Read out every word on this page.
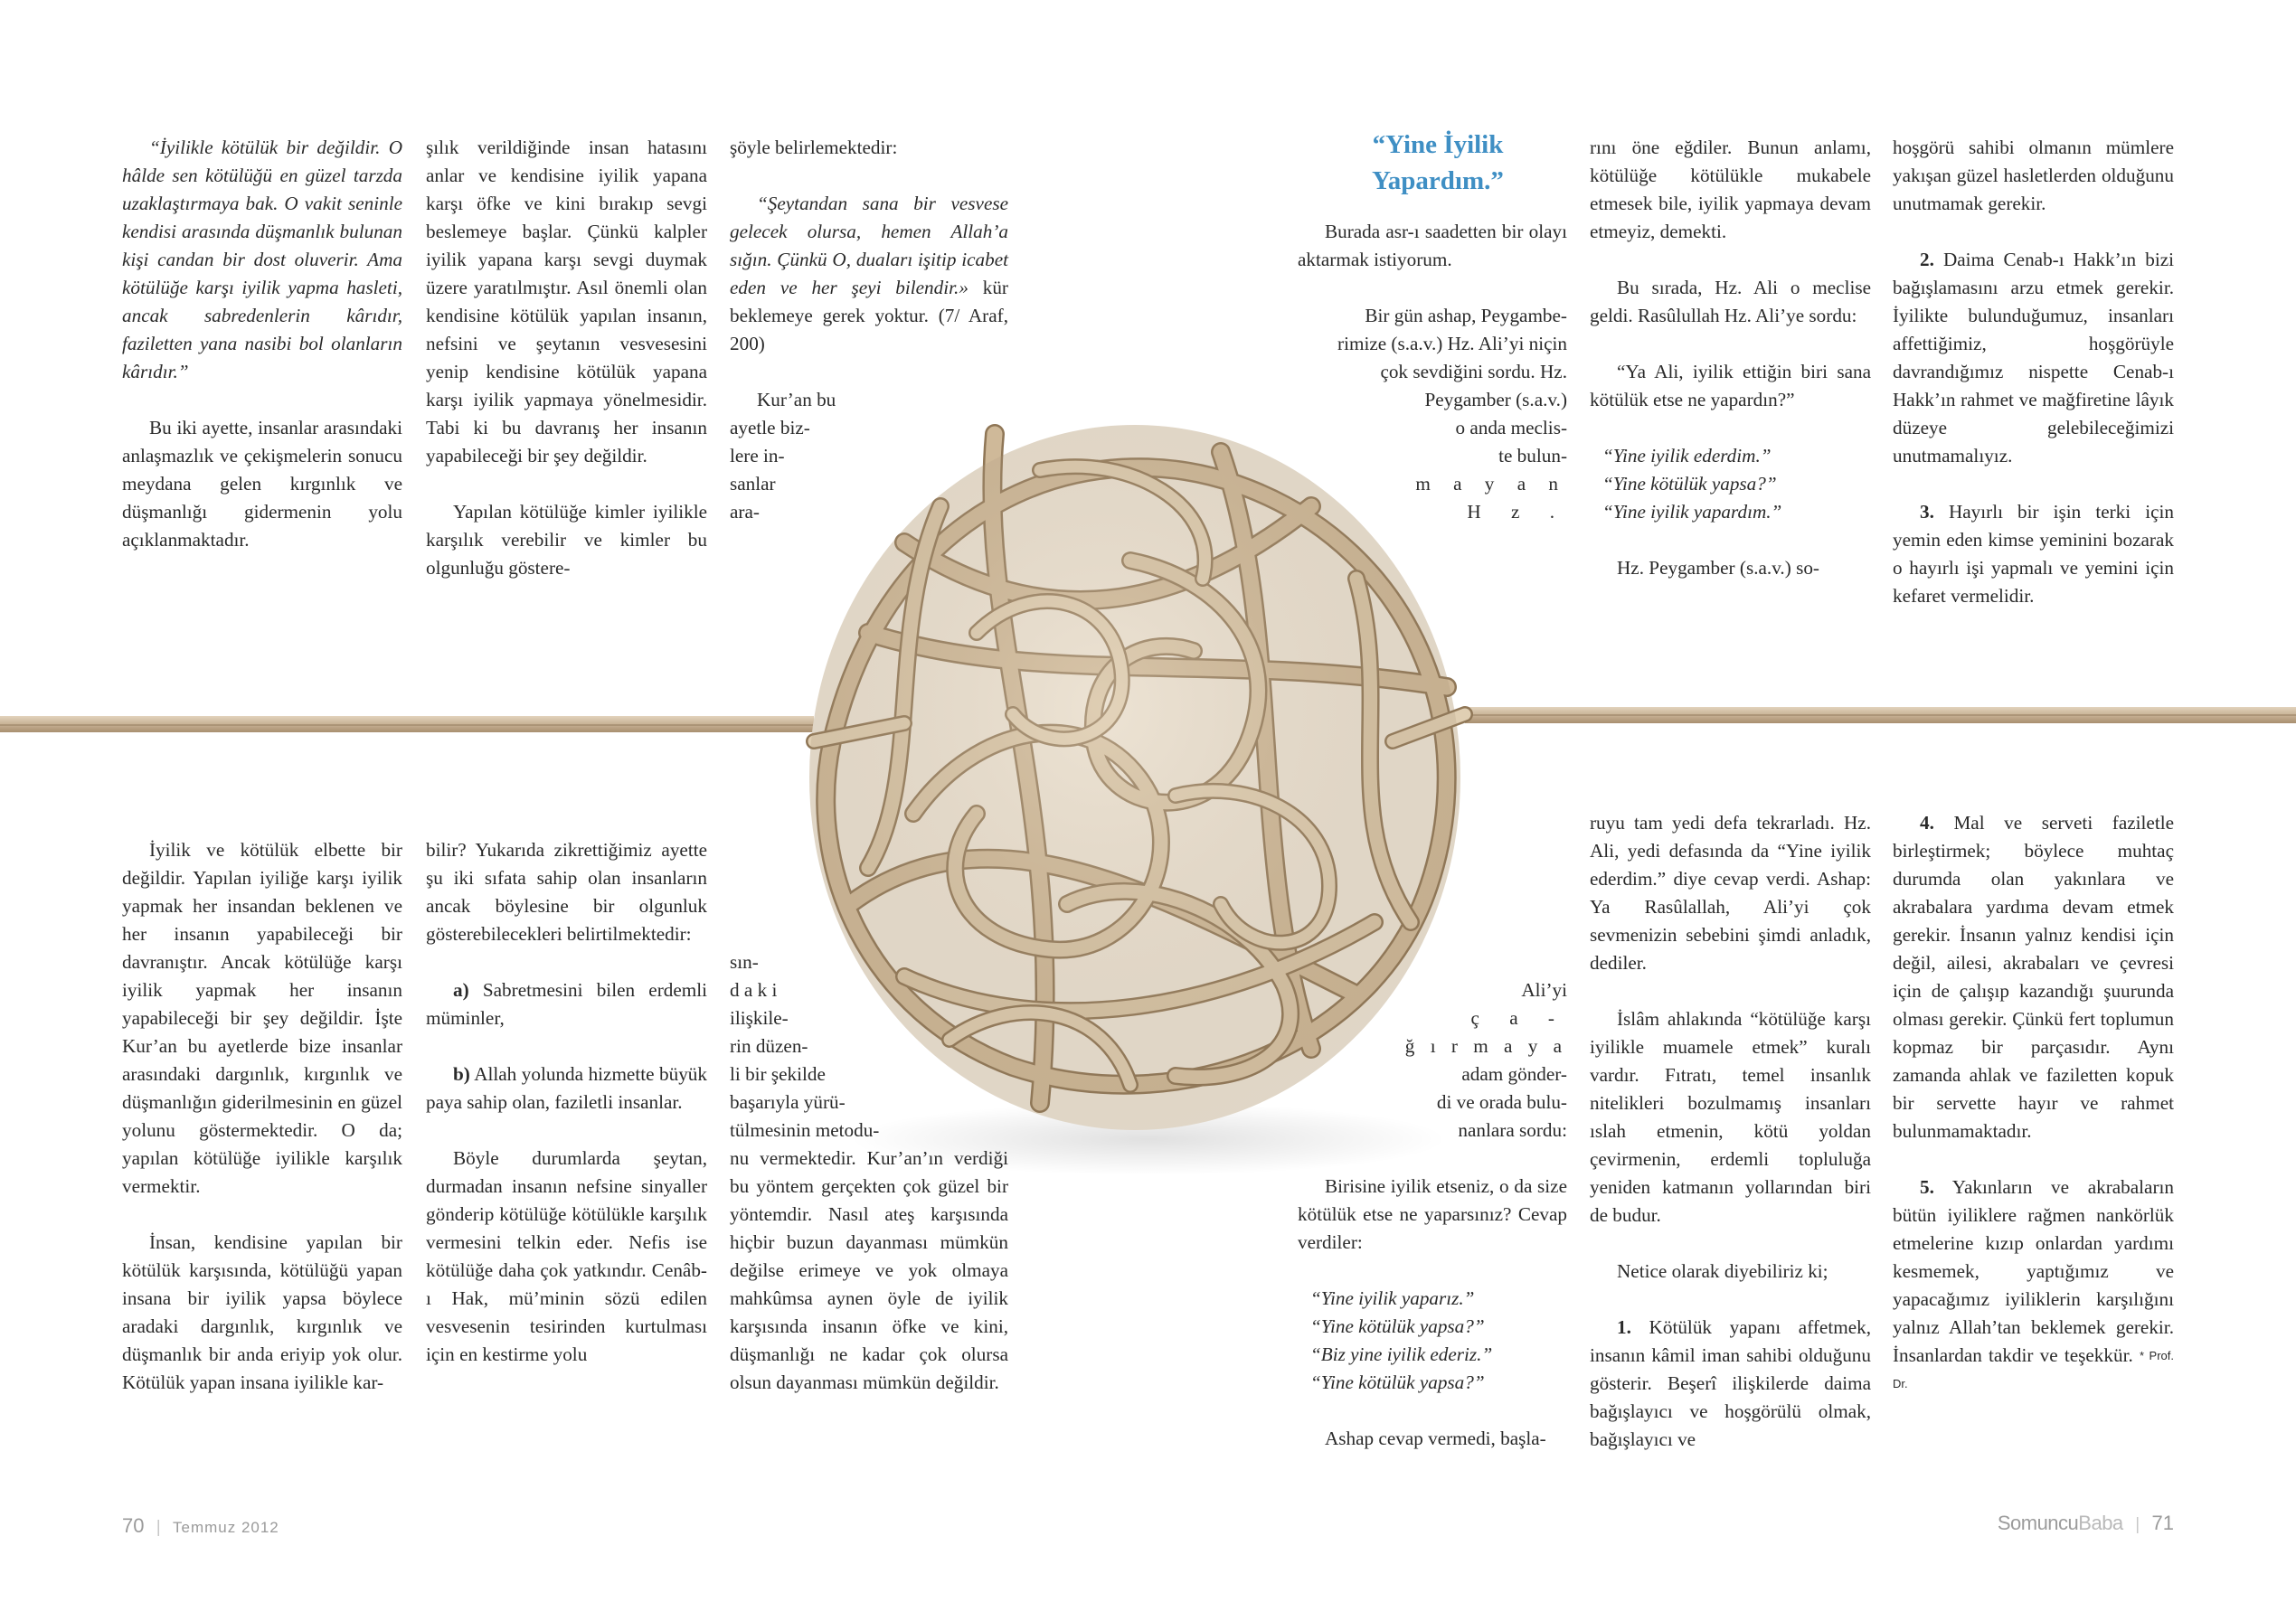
“İyilikle kötülük bir değildir. O hâlde sen kötülüğü en güzel tarzda uzaklaştırmaya bak. O vakit seninle kendisi arasında düşmanlık bulunan kişi candan bir dost oluverir. Ama kötülüğe karşı iyilik yapma hasleti, ancak sabredenlerin kârıdır, faziletten yana nasibi bol olanların kârıdır.”

Bu iki ayette, insanlar arasındaki anlaşmazlık ve çekişmelerin sonucu meydana gelen kırgınlık ve düşmanlığı gidermenin yolu açıklanmaktadır.

şılık verildiğinde insan hatasını anlar ve kendisine iyilik yapana karşı öfke ve kini bırakıp sevgi beslemeye başlar. Çünkü kalpler iyilik yapana karşı sevgi duymak üzere yaratılmıştır. Asıl önemli olan kendisine kötülük yapılan insanın, nefsini ve şeytanın vesvesesini yenip kendisine kötülük yapana karşı iyilik yapmaya yönelmesidir. Tabi ki bu davranış her insanın yapabileceği bir şey değildir.

Yapılan kötülüğe kimler iyilikle karşılık verebilir ve kimler bu olgunluğu göstere-

şöyle belirlemektedir:

“Şeytandan sana bir vesvese gelecek olursa, hemen Allah’a sığın. Çünkü O, duaları işitip icabet eden ve her şeyi bilendir.» kür beklemeye gerek yoktur. (7/ Araf, 200)

Kur’an bu
ayetle biz-
lere in-
sanlar
ara-

İyilik ve kötülük elbette bir değildir. Yapılan iyiliğe karşı iyilik yapmak her insandan beklenen ve her insanın yapabileceği bir davranıştır. Ancak kötülüğe karşı iyilik yapmak her insanın yapabileceği bir şey değildir. İşte Kur’an bu ayetlerde bize insanlar arasındaki dargınlık, kırgınlık ve düşmanlığın giderilmesinin en güzel yolunu göstermektedir. O da; yapılan kötülüğe iyilikle karşılık vermektir.

İnsan, kendisine yapılan bir kötülük karşısında, kötülüğü yapan insana bir iyilik yapsa böylece aradaki dargınlık, kırgınlık ve düşmanlık bir anda eriyip yok olur. Kötülük yapan insana iyilikle kar-

bilir? Yukarıda zikrettiğimiz ayette şu iki sıfata sahip olan insanların ancak böylesine bir olgunluk gösterebilecekleri belirtilmektedir:

a) Sabretmesini bilen erdemli müminler,

b) Allah yolunda hizmette büyük paya sahip olan, faziletli insanlar.

Böyle durumlarda şeytan, durmadan insanın nefsine sinyaller gönderip kötülüğe kötülükle karşılık vermesini telkin eder. Nefis ise kötülüğe daha çok yatkındır. Cenâb-ı Hak, mü’minin sözü edilen vesvesenin tesirinden kurtulması için en kestirme yolu

sın-
d a k i
ilişkile-
rin düzen-
li bir şekilde
başarıyla yürü-
tülmesinin metodu-

nu vermektedir. Kur’an’ın verdiği bu yöntem gerçekten çok güzel bir yöntemdir. Nasıl ateş karşısında hiçbir buzun dayanması mümkün değilse erimeye ve yok olmaya mahkûmsa aynen öyle de iyilik karşısında insanın öfke ve kini, düşmanlığı ne kadar çok olursa olsun dayanması mümkün değildir.

“Yine İyilik
Yapardım.”

Burada asr-ı saadetten bir olayı aktarmak istiyorum.

Bir gün ashap, Peygambe-
rimize (s.a.v.) Hz. Ali’yi niçin
çok sevdiğini sordu. Hz.
Peygamber (s.a.v.)
o anda meclis-
te bulun-
m a y a n
H z .

rını öne eğdiler. Bunun anlamı, kötülüğe kötülükle mukabele etmesek bile, iyilik yapmaya devam etmeyiz, demekti.

Bu sırada, Hz. Ali o meclise geldi. Rasûlullah Hz. Ali’ye sordu:

“Ya Ali, iyilik ettiğin biri sana kötülük etse ne yapardın?”

“Yine iyilik ederdim.”
“Yine kötülük yapsa?”
“Yine iyilik yapardım.”

Hz. Peygamber (s.a.v.) so-

hoşgörü sahibi olmanın mümlere yakışan güzel hasletlerden olduğunu unutmamak gerekir.

2. Daima Cenab-ı Hakk’ın bizi bağışlamasını arzu etmek gerekir. İyilikte bulunduğumuz, insanları affettiğimiz, hoşgörüyle davrandığımız nispette Cenab-ı Hakk’ın rahmet ve mağfiretine lâyık düzeye gelebileceğimizi unutmamalıyız.

3. Hayırlı bir işin terki için yemin eden kimse yeminini bozarak o hayırlı işi yapmalı ve yemini için kefaret vermelidir.

Ali’yi
ç a -
ğ ı r m a y a
adam gönder-
di ve orada bulu-
nanlara sordu:

Birisine iyilik etseniz, o da size kötülük etse ne yaparsınız? Cevap verdiler:

“Yine iyilik yaparız.”
“Yine kötülük yapsa?”
“Biz yine iyilik ederiz.”
“Yine kötülük yapsa?”

Ashap cevap vermedi, başla-

ruyu tam yedi defa tekrarladı. Hz. Ali, yedi defasında da “Yine iyilik ederdim.” diye cevap verdi. Ashap: Ya Rasûlallah, Ali’yi çok sevmenizin sebebini şimdi anladık, dediler.

İslâm ahlakında “kötülüğe karşı iyilikle muamele etmek” kuralı vardır. Fıtratı, temel insanlık nitelikleri bozulmamış insanları ıslah etmenin, kötü yoldan çevirmenin, erdemli topluluğa yeniden katmanın yollarından biri de budur.

Netice olarak diyebiliriz ki;

1. Kötülük yapanı affetmek, insanın kâmil iman sahibi olduğunu gösterir. Beşerî ilişkilerde daima bağışlayıcı ve hoşgörülü olmak, bağışlayıcı ve

4. Mal ve serveti faziletle birleştirmek; böylece muhtaç durumda olan yakınlara ve akrabalara yardıma devam etmek gerekir. İnsanın yalnız kendisi için değil, ailesi, akrabaları ve çevresi için de çalışıp kazandığı şuurunda olması gerekir. Çünkü fert toplumun kopmaz bir parçasıdır. Aynı zamanda ahlak ve faziletten kopuk bir servette hayır ve rahmet bulunmamaktadır.

5. Yakınların ve akrabaların bütün iyiliklere rağmen nankörlük etmelerine kızıp onlardan yardımı kesmemek, yaptığımız ve yapacağımız iyiliklerin karşılığını yalnız Allah’tan beklemek gerekir. İnsanlardan takdir ve teşekkür. $^{* Prof. Dr.}$

70 | Temmuz 2012	SomuncuBaba | 71
